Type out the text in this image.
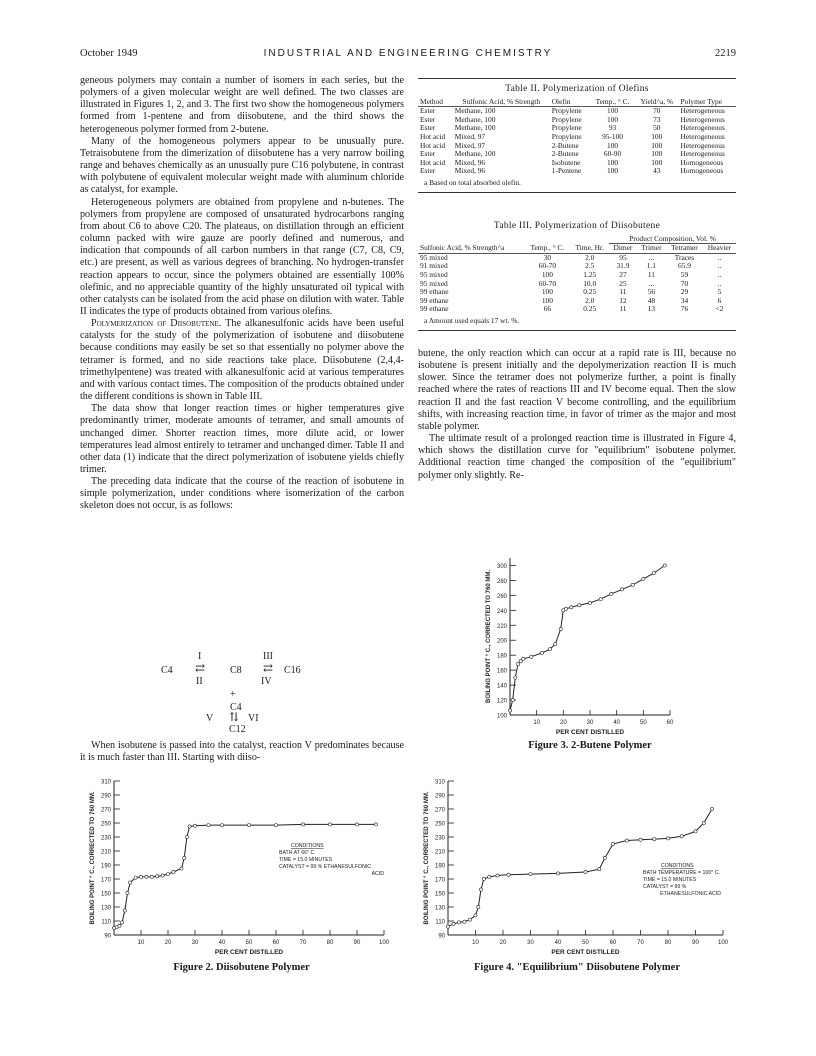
October 1949	INDUSTRIAL AND ENGINEERING CHEMISTRY	2219

geneous polymers may contain a number of isomers in each series, but the polymers of a given molecular weight are well defined. The two classes are illustrated in Figures 1, 2, and 3. The first two show the homogeneous polymers formed from 1-pentene and from diisobutene, and the third shows the heterogeneous polymer formed from 2-butene.

Many of the homogeneous polymers appear to be unusually pure. Tetraisobutene from the dimerization of diisobutene has a very narrow boiling range and behaves chemically as an unusually pure C16 polybutene, in contrast with polybutene of equivalent molecular weight made with aluminum chloride as catalyst, for example.

Heterogeneous polymers are obtained from propylene and n-butenes. The polymers from propylene are composed of unsaturated hydrocarbons ranging from about C6 to above C20. The plateaus, on distillation through an efficient column packed with wire gauze are poorly defined and numerous, and indication that compounds of all carbon numbers in that range (C7, C8, C9, etc.) are present, as well as various degrees of branching. No hydrogen-transfer reaction appears to occur, since the polymers obtained are essentially 100% olefinic, and no appreciable quantity of the highly unsaturated oil typical with other catalysts can be isolated from the acid phase on dilution with water. Table II indicates the type of products obtained from various olefins.

Polymerization of Diisobutene. The alkanesulfonic acids have been useful catalysts for the study of the polymerization of isobutene and diisobutene because conditions may easily be set so that essentially no polymer above the tetramer is formed, and no side reactions take place. Diisobutene (2,4,4-trimethylpentene) was treated with alkanesulfonic acid at various temperatures and with various contact times. The composition of the products obtained under the different conditions is shown in Table III.

The data show that longer reaction times or higher temperatures give predominantly trimer, moderate amounts of tetramer, and small amounts of unchanged dimer. Shorter reaction times, more dilute acid, or lower temperatures lead almost entirely to tetramer and unchanged dimer. Table II and other data (1) indicate that the direct polymerization of isobutene yields chiefly trimer.

The preceding data indicate that the course of the reaction of isobutene in simple polymerization, under conditions where isomerization of the carbon skeleton does not occur, is as follows:

I	III
C4 ⇄ C8 ⇄ C16
II	IV
+
C4
V ⇅ VI
C12

When isobutene is passed into the catalyst, reaction V predominates because it is much faster than III. Starting with diiso-

Table II. Polymerization of Olefins
Method	Sulfonic Acid, % Strength	Olefin	Temp., ° C.	Yield^a, %	Polymer Type
Ester	Methane, 100	Propylene	100	70	Heterogeneous
Ester	Methane, 100	Propylene	100	73	Heterogeneous
Ester	Methane, 100	Propylene	93	50	Heterogeneous
Hot acid	Mixed, 97	Propylene	95-100	100	Heterogeneous
Hot acid	Mixed, 97	2-Butene	100	100	Heterogeneous
Ester	Methane, 100	2-Butene	60-90	100	Heterogeneous
Hot acid	Mixed, 96	Isobutene	100	100	Homogeneous
Ester	Mixed, 96	1-Pentene	100	43	Homogeneous
a Based on total absorbed olefin.
Table III. Polymerization of Diisobutene
Sulfonic Acid, % Strength^a	Temp., ° C.	Time, Hr.	Product Composition, Vol. %			
			Dimer	Trimer	Tetramer	Heavier
95 mixed	30	2.0	95	...	Traces	..
91 mixed	60-70	2.5	31.9	1.1	65.9	..
95 mixed	100	1.25	27	11	59	..
95 mixed	60-70	10.0	25	...	70	..
99 ethane	100	0.25	11	56	29	5
99 ethane	100	2.0	12	48	34	6
99 ethane	66	0.25	11	13	76	<2
a Amount used equals 17 wt. %.

butene, the only reaction which can occur at a rapid rate is III, because no isobutene is present initially and the depolymerization reaction II is much slower. Since the tetramer does not polymerize further, a point is finally reached where the rates of reactions III and IV become equal. Then the slow reaction II and the fast reaction V become controlling, and the equilibrium shifts, with increasing reaction time, in favor of trimer as the major and most stable polymer.

The ultimate result of a prolonged reaction time is illustrated in Figure 4, which shows the distillation curve for "equilibrium" isobutene polymer. Additional reaction time changed the composition of the "equilibrium" polymer only slightly. Re-

100
120
140
160
180
200
220
240
260
280
300
10	20	30	40	50	60
PER CENT DISTILLED
BOILING POINT ° C., CORRECTED TO 760 MM.
Figure 3. 2-Butene Polymer
90
110
130
150
170
190
210
230
250
270
290
310
10	20	30	40	50	60	70	80	90	100
PER CENT DISTILLED
BOILING POINT ° C., CORRECTED TO 760 MM.	CONDITIONS
BATH AT 66° C.
TIME = 15.0 MINUTES
CATALYST = 99 % ETHANESULFONIC
ACID
Figure 2. Diisobutene Polymer
90
110
130
150
170
190
210
230
250
270
290
310
10	20	30	40	50	60	70	80	90	100
PER CENT DISTILLED
BOILING POINT ° C., CORRECTED TO 760 MM.	CONDITIONS
BATH TEMPERATURE = 100° C.
TIME = 15.0 MINUTES
CATALYST = 99 %
ETHANESULFONIC ACID
Figure 4. "Equilibrium" Diisobutene Polymer
